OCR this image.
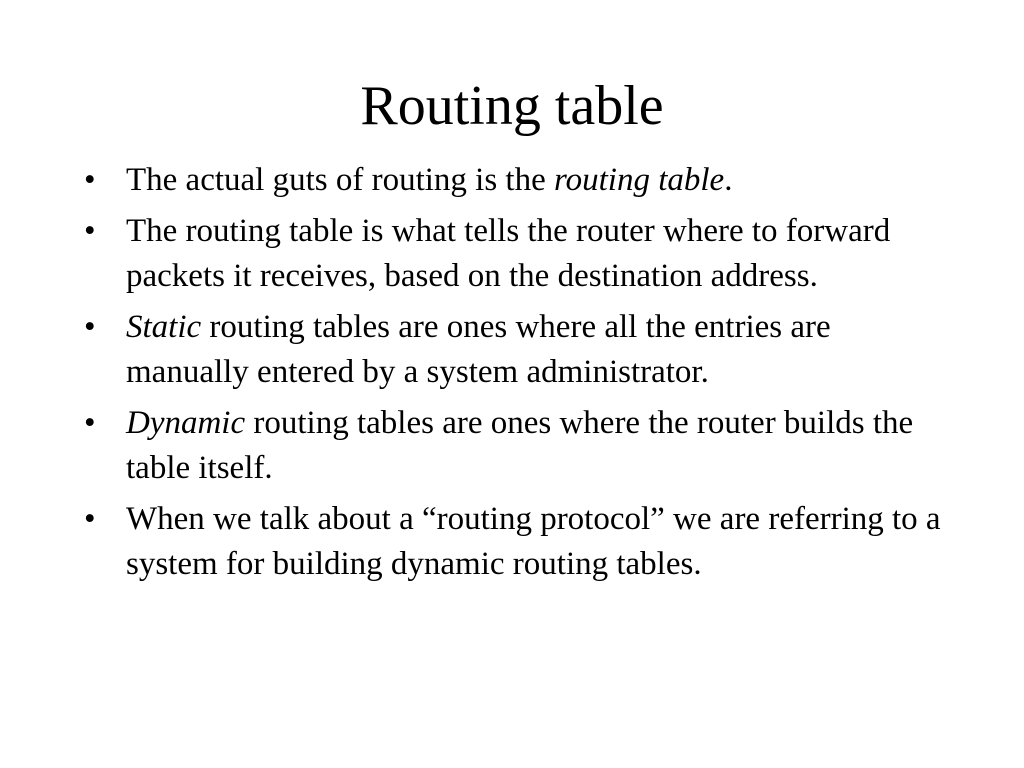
Routing table
• The actual guts of routing is the routing table.
• The routing table is what tells the router where to forward packets it receives, based on the destination address.
• Static routing tables are ones where all the entries are manually entered by a system administrator.
• Dynamic routing tables are ones where the router builds the table itself.
• When we talk about a “routing protocol” we are referring to a system for building dynamic routing tables.
